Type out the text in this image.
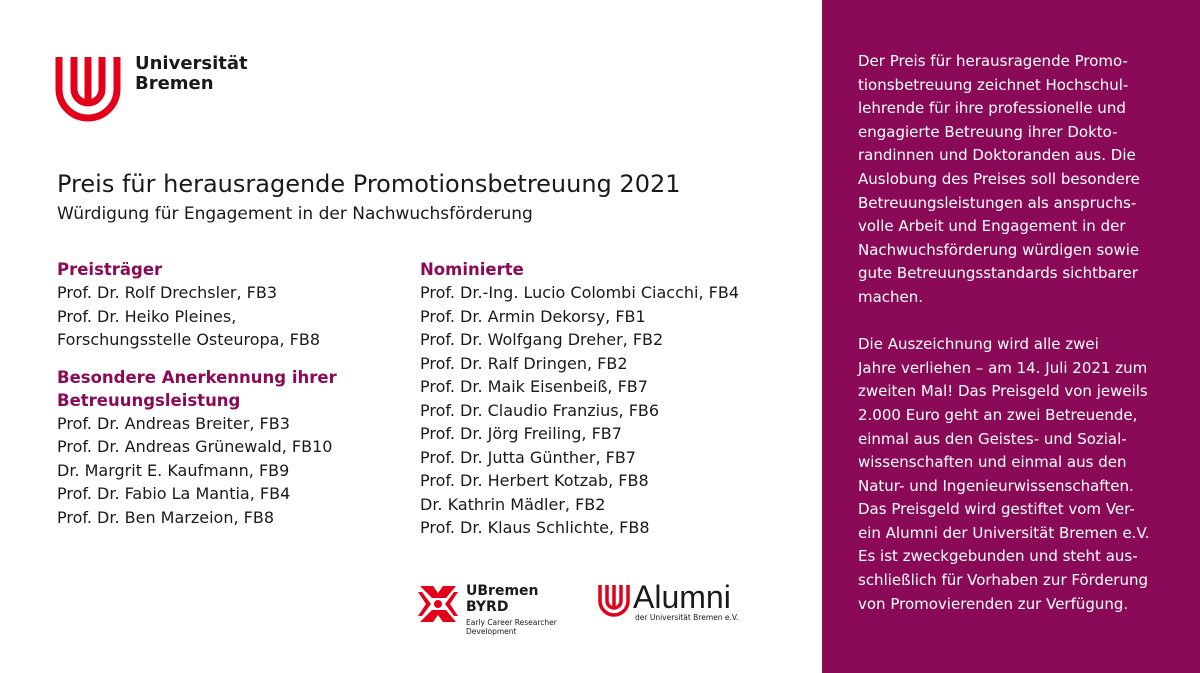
Universität
Bremen
Preis für herausragende Promotionsbetreuung 2021
Würdigung für Engagement in der Nachwuchsförderung
Preisträger
Prof. Dr. Rolf Drechsler, FB3
Prof. Dr. Heiko Pleines,
Forschungsstelle Osteuropa, FB8
Besondere Anerkennung ihrer
Betreuungsleistung
Prof. Dr. Andreas Breiter, FB3
Prof. Dr. Andreas Grünewald, FB10
Dr. Margrit E. Kaufmann, FB9
Prof. Dr. Fabio La Mantia, FB4
Prof. Dr. Ben Marzeion, FB8
Nominierte
Prof. Dr.-Ing. Lucio Colombi Ciacchi, FB4
Prof. Dr. Armin Dekorsy, FB1
Prof. Dr. Wolfgang Dreher, FB2
Prof. Dr. Ralf Dringen, FB2
Prof. Dr. Maik Eisenbeiß, FB7
Prof. Dr. Claudio Franzius, FB6
Prof. Dr. Jörg Freiling, FB7
Prof. Dr. Jutta Günther, FB7
Prof. Dr. Herbert Kotzab, FB8
Dr. Kathrin Mädler, FB2
Prof. Dr. Klaus Schlichte, FB8
UBremen
BYRD
Early Career Researcher
Development
Alumni
der Universität Bremen e.V.
Der Preis für herausragende Promo-
tionsbetreuung zeichnet Hochschul-
lehrende für ihre professionelle und
engagierte Betreuung ihrer Dokto-
randinnen und Doktoranden aus. Die
Auslobung des Preises soll besondere
Betreuungsleistungen als anspruchs-
volle Arbeit und Engagement in der
Nachwuchsförderung würdigen sowie
gute Betreuungsstandards sichtbarer
machen.
Die Auszeichnung wird alle zwei
Jahre verliehen – am 14. Juli 2021 zum
zweiten Mal! Das Preisgeld von jeweils
2.000 Euro geht an zwei Betreuende,
einmal aus den Geistes- und Sozial-
wissenschaften und einmal aus den
Natur- und Ingenieurwissenschaften.
Das Preisgeld wird gestiftet vom Ver-
ein Alumni der Universität Bremen e.V.
Es ist zweckgebunden und steht aus-
schließlich für Vorhaben zur Förderung
von Promovierenden zur Verfügung.
